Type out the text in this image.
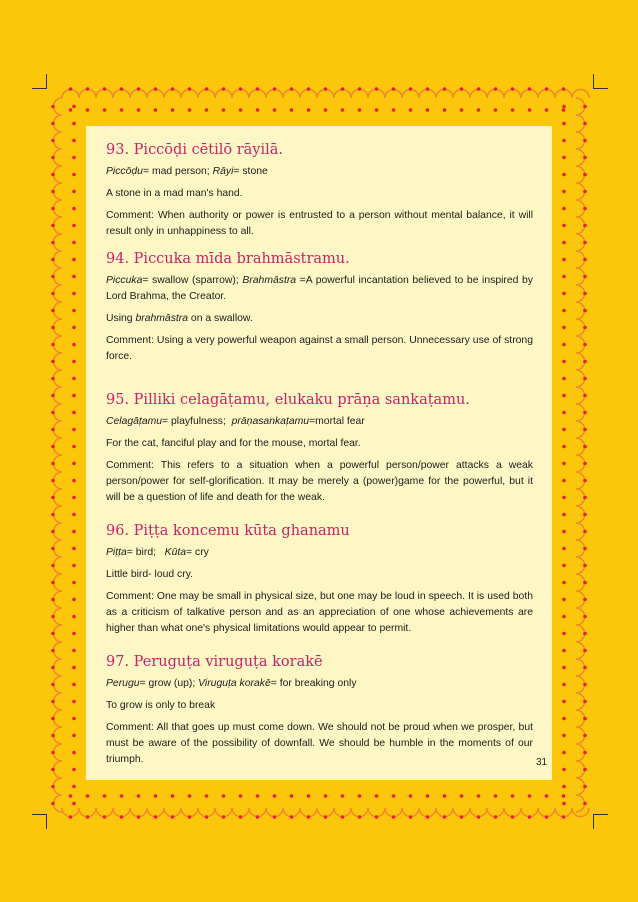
93. Piccōḍi cētilō rāyilā.

Piccōḍu= mad person; Rāyi= stone

A stone in a mad man's hand.

Comment: When authority or power is entrusted to a person without mental balance, it will result only in unhappiness to all.

94. Piccuka mīda brahmāstramu.

Piccuka= swallow (sparrow); Brahmāstra =A powerful incantation believed to be inspired by Lord Brahma, the Creator.

Using brahmāstra on a swallow.

Comment: Using a very powerful weapon against a small person. Unnecessary use of strong force.

95. Pilliki celagāṭamu, elukaku prāṇa sankaṭamu.

Celagāṭamu= playfulness; prāṇasankaṭamu=mortal fear

For the cat, fanciful play and for the mouse, mortal fear.

Comment: This refers to a situation when a powerful person/power attacks a weak person/power for self-glorification. It may be merely a (power)game for the powerful, but it will be a question of life and death for the weak.

96. Piṭṭa koncemu kūta ghanamu

Piṭṭa= bird; Kūta= cry

Little bird- loud cry.

Comment: One may be small in physical size, but one may be loud in speech. It is used both as a criticism of talkative person and as an appreciation of one whose achievements are higher than what one's physical limitations would appear to permit.

97. Peruguṭa viruguṭa korakē

Perugu= grow (up); Viruguṭa korakē= for breaking only

To grow is only to break

Comment: All that goes up must come down. We should not be proud when we prosper, but must be aware of the possibility of downfall. We should be humble in the moments of our triumph.	31
